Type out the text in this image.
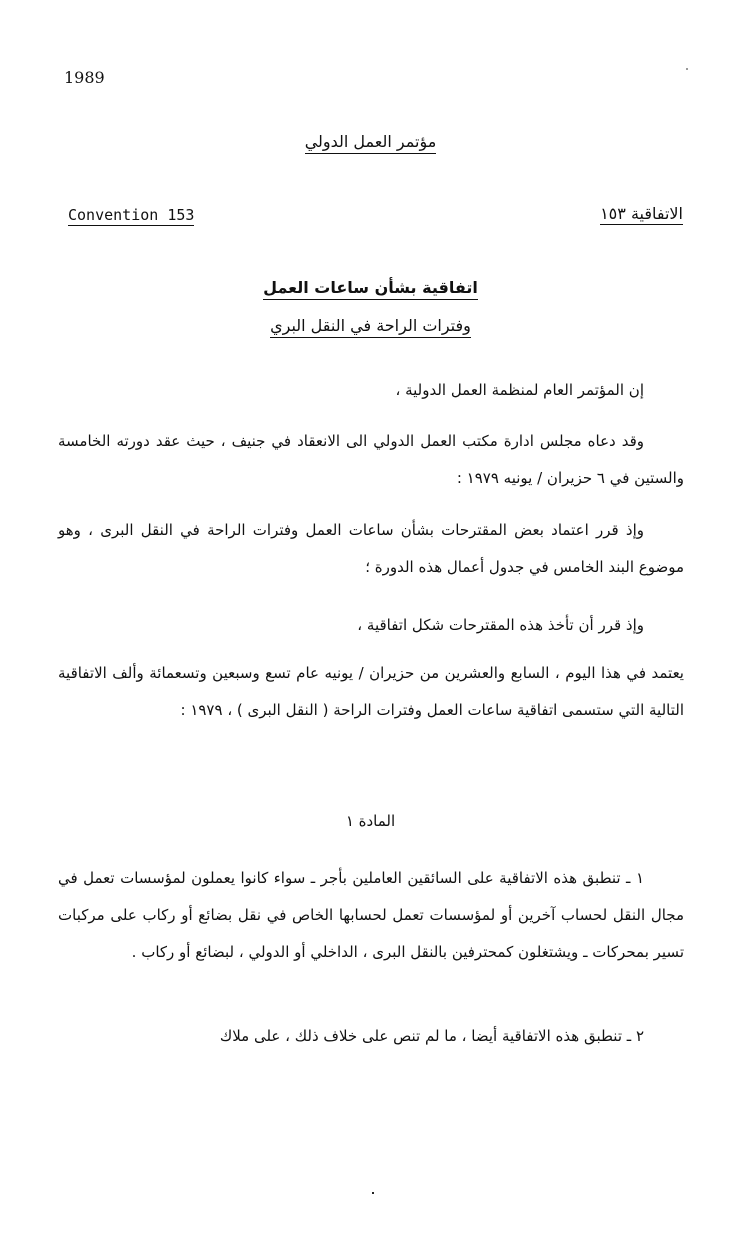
1989
مؤتمر العمل الدولي
Convention 153	الاتفاقية ١٥٣
اتفاقية بشأن ساعات العمل
وفترات الراحة في النقل البري
إن المؤتمر العام لمنظمة العمل الدولية ،
وقد دعاه مجلس ادارة مكتب العمل الدولي الى الانعقاد في جنيف ، حيث عقد دورته الخامسة والستين في ٦ حزيران / يونيه ١٩٧٩ :
وإذ قرر اعتماد بعض المقترحات بشأن ساعات العمل وفترات الراحة في النقل البرى ، وهو موضوع البند الخامس في جدول أعمال هذه الدورة ؛
وإذ قرر أن تأخذ هذه المقترحات شكل اتفاقية ،
يعتمد في هذا اليوم ، السابع والعشرين من حزيران / يونيه عام تسع وسبعين وتسعمائة وألف الاتفاقية التالية التي ستسمى اتفاقية ساعات العمل وفترات الراحة ( النقل البرى ) ، ١٩٧٩ :
المادة ١
١ ـ تنطبق هذه الاتفاقية على السائقين العاملين بأجر ـ سواء كانوا يعملون لمؤسسات تعمل في مجال النقل لحساب آخرين أو لمؤسسات تعمل لحسابها الخاص في نقل بضائع أو ركاب على مركبات تسير بمحركات ـ ويشتغلون كمحترفين بالنقل البرى ، الداخلي أو الدولي ، لبضائع أو ركاب .
٢ ـ تنطبق هذه الاتفاقية أيضا ، ما لم تنص على خلاف ذلك ، على ملاك
